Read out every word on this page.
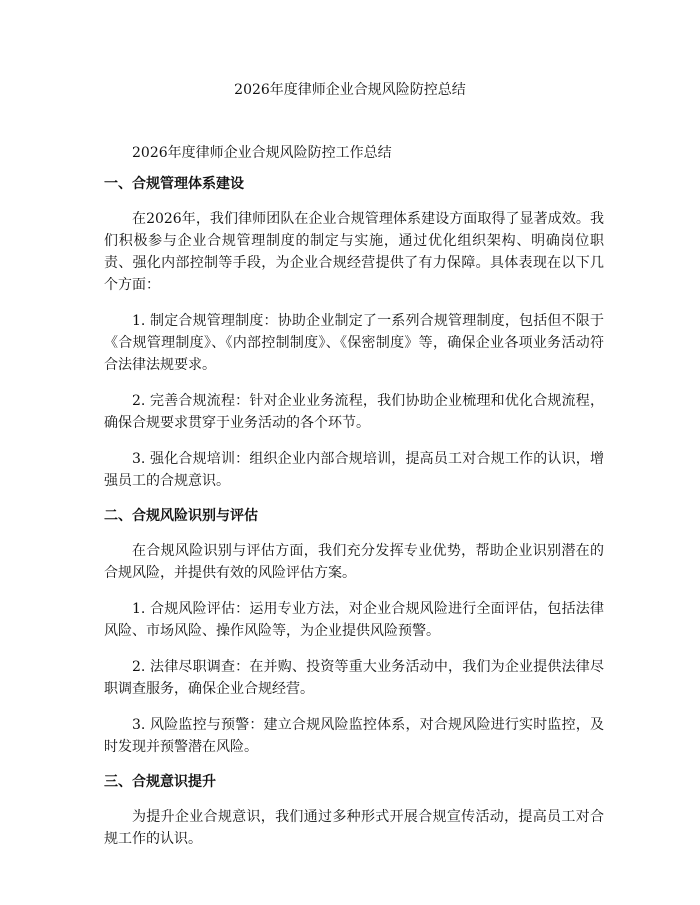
2026年度律师企业合规风险防控总结

2026年度律师企业合规风险防控工作总结

一、合规管理体系建设

在2026年，我们律师团队在企业合规管理体系建设方面取得了显著成效。我们积极参与企业合规管理制度的制定与实施，通过优化组织架构、明确岗位职责、强化内部控制等手段，为企业合规经营提供了有力保障。具体表现在以下几个方面：

1. 制定合规管理制度：协助企业制定了一系列合规管理制度，包括但不限于《合规管理制度》、《内部控制制度》、《保密制度》等，确保企业各项业务活动符合法律法规要求。
2. 完善合规流程：针对企业业务流程，我们协助企业梳理和优化合规流程，确保合规要求贯穿于业务活动的各个环节。
3. 强化合规培训：组织企业内部合规培训，提高员工对合规工作的认识，增强员工的合规意识。
二、合规风险识别与评估

在合规风险识别与评估方面，我们充分发挥专业优势，帮助企业识别潜在的合规风险，并提供有效的风险评估方案。

1. 合规风险评估：运用专业方法，对企业合规风险进行全面评估，包括法律风险、市场风险、操作风险等，为企业提供风险预警。
2. 法律尽职调查：在并购、投资等重大业务活动中，我们为企业提供法律尽职调查服务，确保企业合规经营。
3. 风险监控与预警：建立合规风险监控体系，对合规风险进行实时监控，及时发现并预警潜在风险。
三、合规意识提升

为提升企业合规意识，我们通过多种形式开展合规宣传活动，提高员工对合规工作的认识。
